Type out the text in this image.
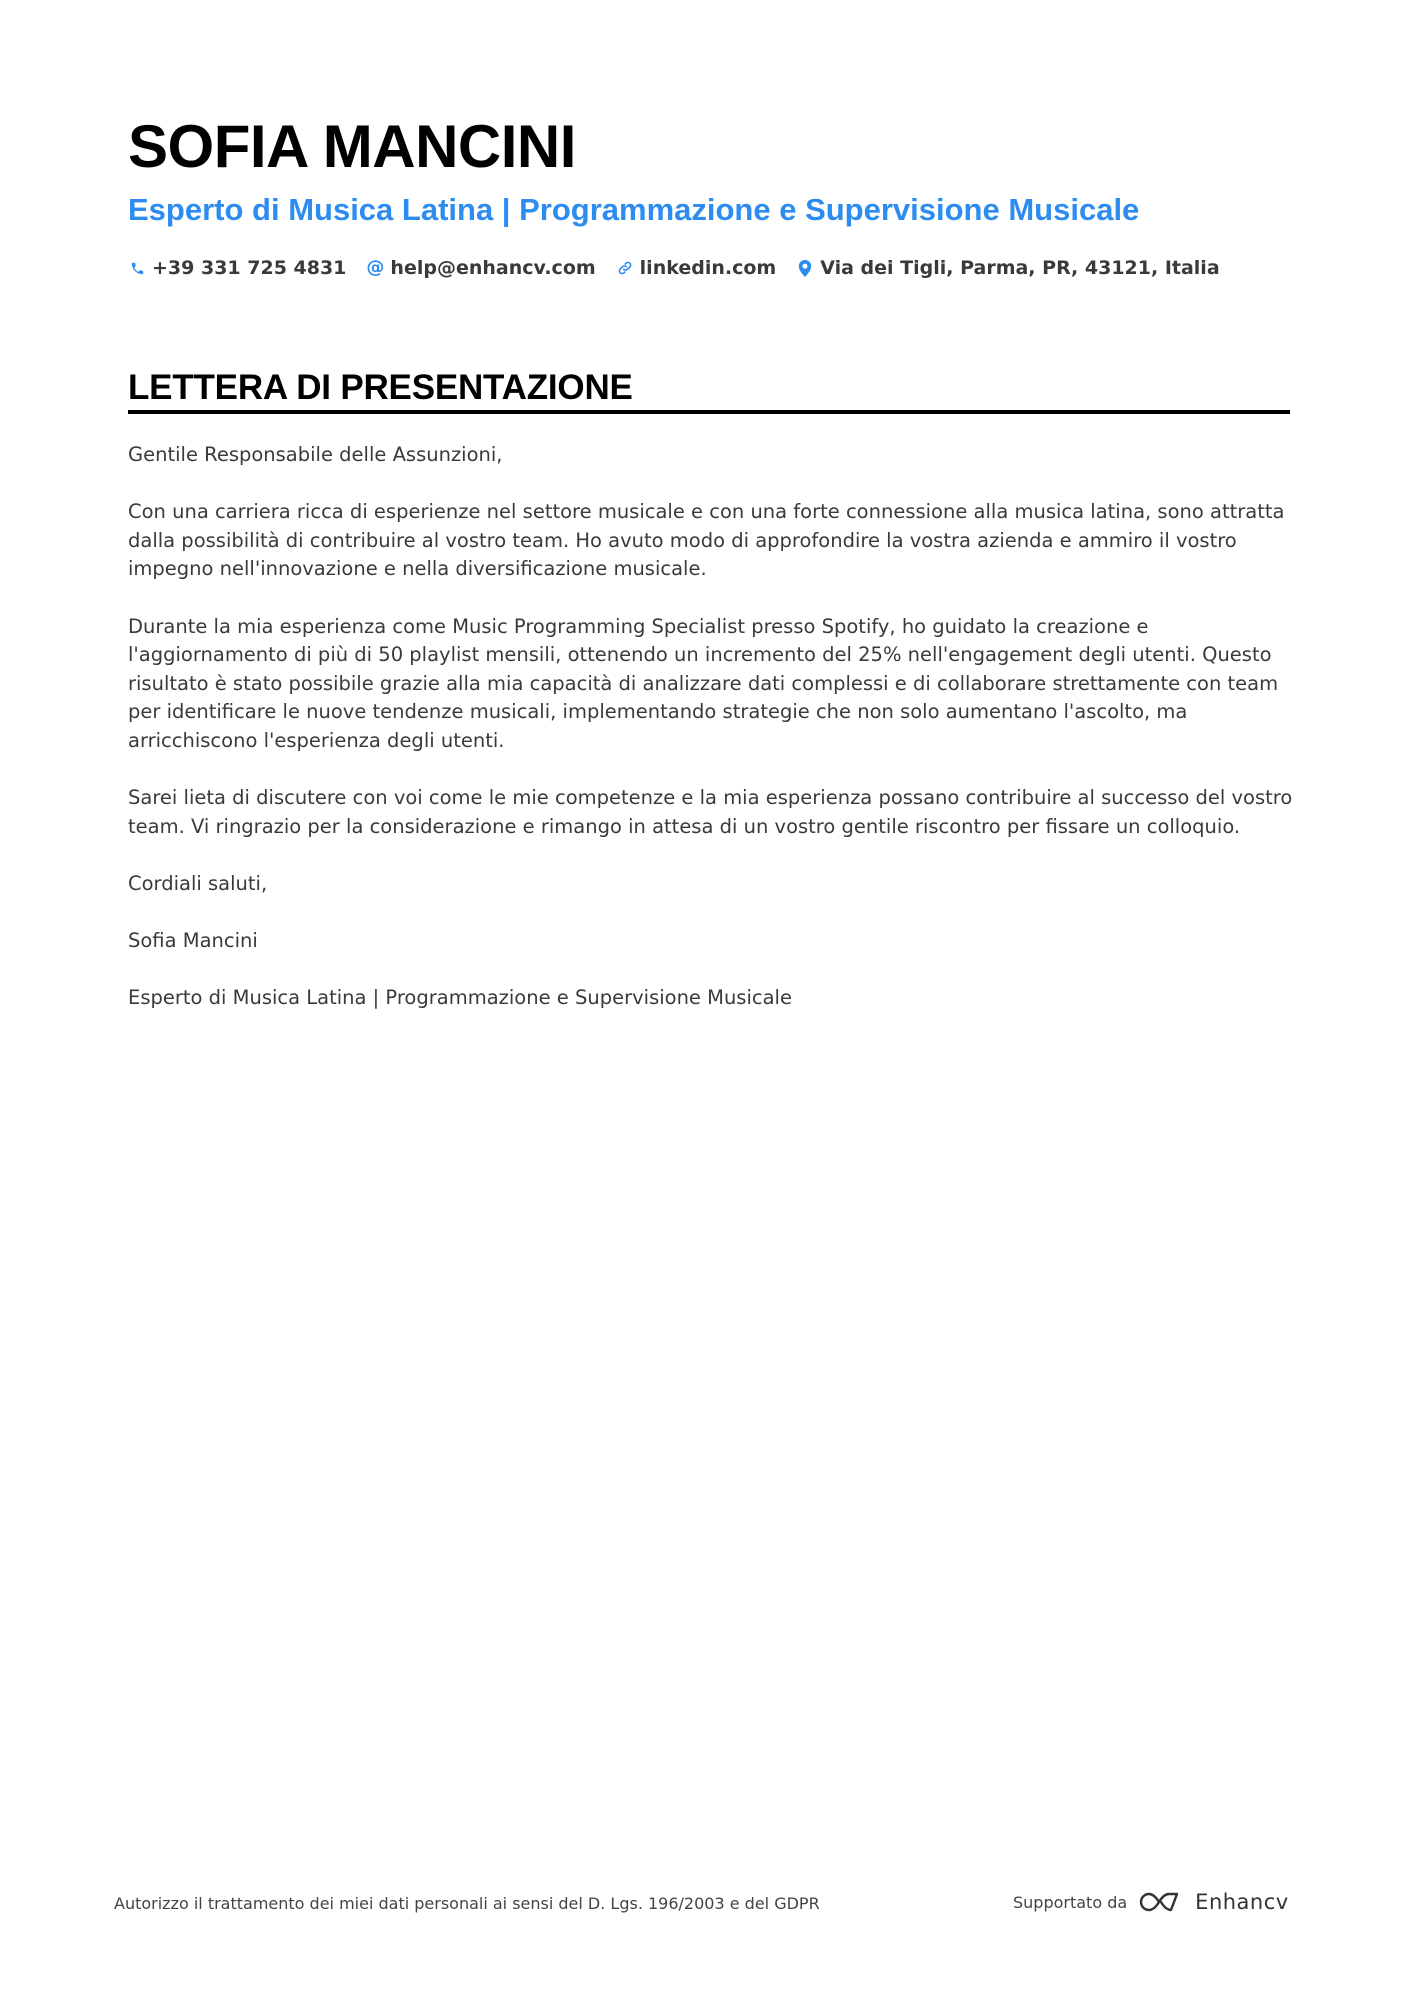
SOFIA MANCINI
Esperto di Musica Latina | Programmazione e Supervisione Musicale
+39 331 725 4831 @ help@enhancv.com linkedin.com Via dei Tigli, Parma, PR, 43121, Italia
LETTERA DI PRESENTAZIONE

Gentile Responsabile delle Assunzioni,

Con una carriera ricca di esperienze nel settore musicale e con una forte connessione alla musica latina, sono attratta dalla possibilità di contribuire al vostro team. Ho avuto modo di approfondire la vostra azienda e ammiro il vostro impegno nell'innovazione e nella diversificazione musicale.

Durante la mia esperienza come Music Programming Specialist presso Spotify, ho guidato la creazione e l'aggiornamento di più di 50 playlist mensili, ottenendo un incremento del 25% nell'engagement degli utenti. Questo risultato è stato possibile grazie alla mia capacità di analizzare dati complessi e di collaborare strettamente con team per identificare le nuove tendenze musicali, implementando strategie che non solo aumentano l'ascolto, ma arricchiscono l'esperienza degli utenti.

Sarei lieta di discutere con voi come le mie competenze e la mia esperienza possano contribuire al successo del vostro team. Vi ringrazio per la considerazione e rimango in attesa di un vostro gentile riscontro per fissare un colloquio.

Cordiali saluti,

Sofia Mancini

Esperto di Musica Latina | Programmazione e Supervisione Musicale

Autorizzo il trattamento dei miei dati personali ai sensi del D. Lgs. 196/2003 e del GDPR	Supportato da	Enhancv
